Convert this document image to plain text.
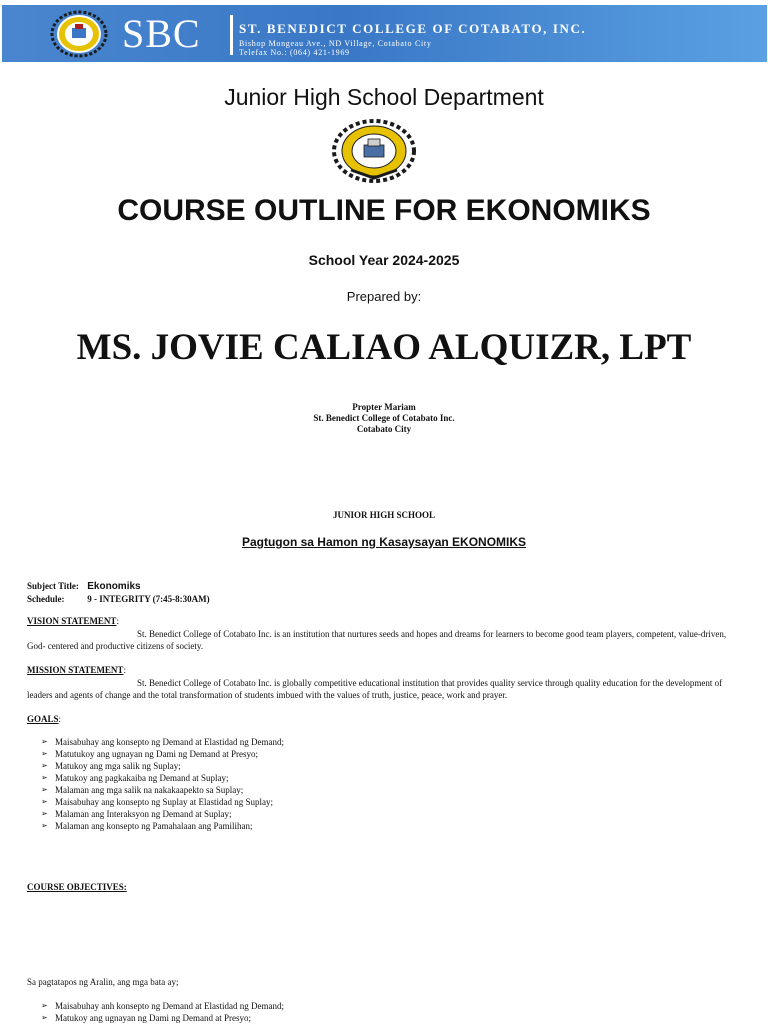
SBC	ST. BENEDICT COLLEGE OF COTABATO, INC.
Bishop Mongeau Ave., ND Village, Cotabato City
Telefax No.: (064) 421-1969
Junior High School Department
COURSE OUTLINE FOR EKONOMIKS
School Year 2024-2025
Prepared by:
MS. JOVIE CALIAO ALQUIZR, LPT
Propter Mariam
St. Benedict College of Cotabato Inc.
Cotabato City
JUNIOR HIGH SCHOOL
Pagtugon sa Hamon ng Kasaysayan EKONOMIKS
Subject Title: Ekonomiks
Schedule:	9 - INTEGRITY (7:45-8:30AM)
VISION STATEMENT:
St. Benedict College of Cotabato Inc. is an institution that nurtures seeds and hopes and dreams for learners to become good team players, competent, value-driven, God- centered and productive citizens of society.
MISSION STATEMENT:
St. Benedict College of Cotabato Inc. is globally competitive educational institution that provides quality service through quality education for the development of leaders and agents of change and the total transformation of students imbued with the values of truth, justice, peace, work and prayer.
GOALS:
➢ Maisabuhay ang konsepto ng Demand at Elastidad ng Demand;
➢ Matutukoy ang ugnayan ng Dami ng Demand at Presyo;
➢ Matukoy ang mga salik ng Suplay;
➢ Matukoy ang pagkakaiba ng Demand at Suplay;
➢ Malaman ang mga salik na nakakaapekto sa Suplay;
➢ Maisabuhay ang konsepto ng Suplay at Elastidad ng Suplay;
➢ Malaman ang Interaksyon ng Demand at Suplay;
➢ Malaman ang konsepto ng Pamahalaan ang Pamilihan;
COURSE OBJECTIVES:
Sa pagtatapos ng Aralin, ang mga bata ay;
➢ Maisabuhay anh konsepto ng Demand at Elastidad ng Demand;
➢ Matukoy ang ugnayan ng Dami ng Demand at Presyo;
